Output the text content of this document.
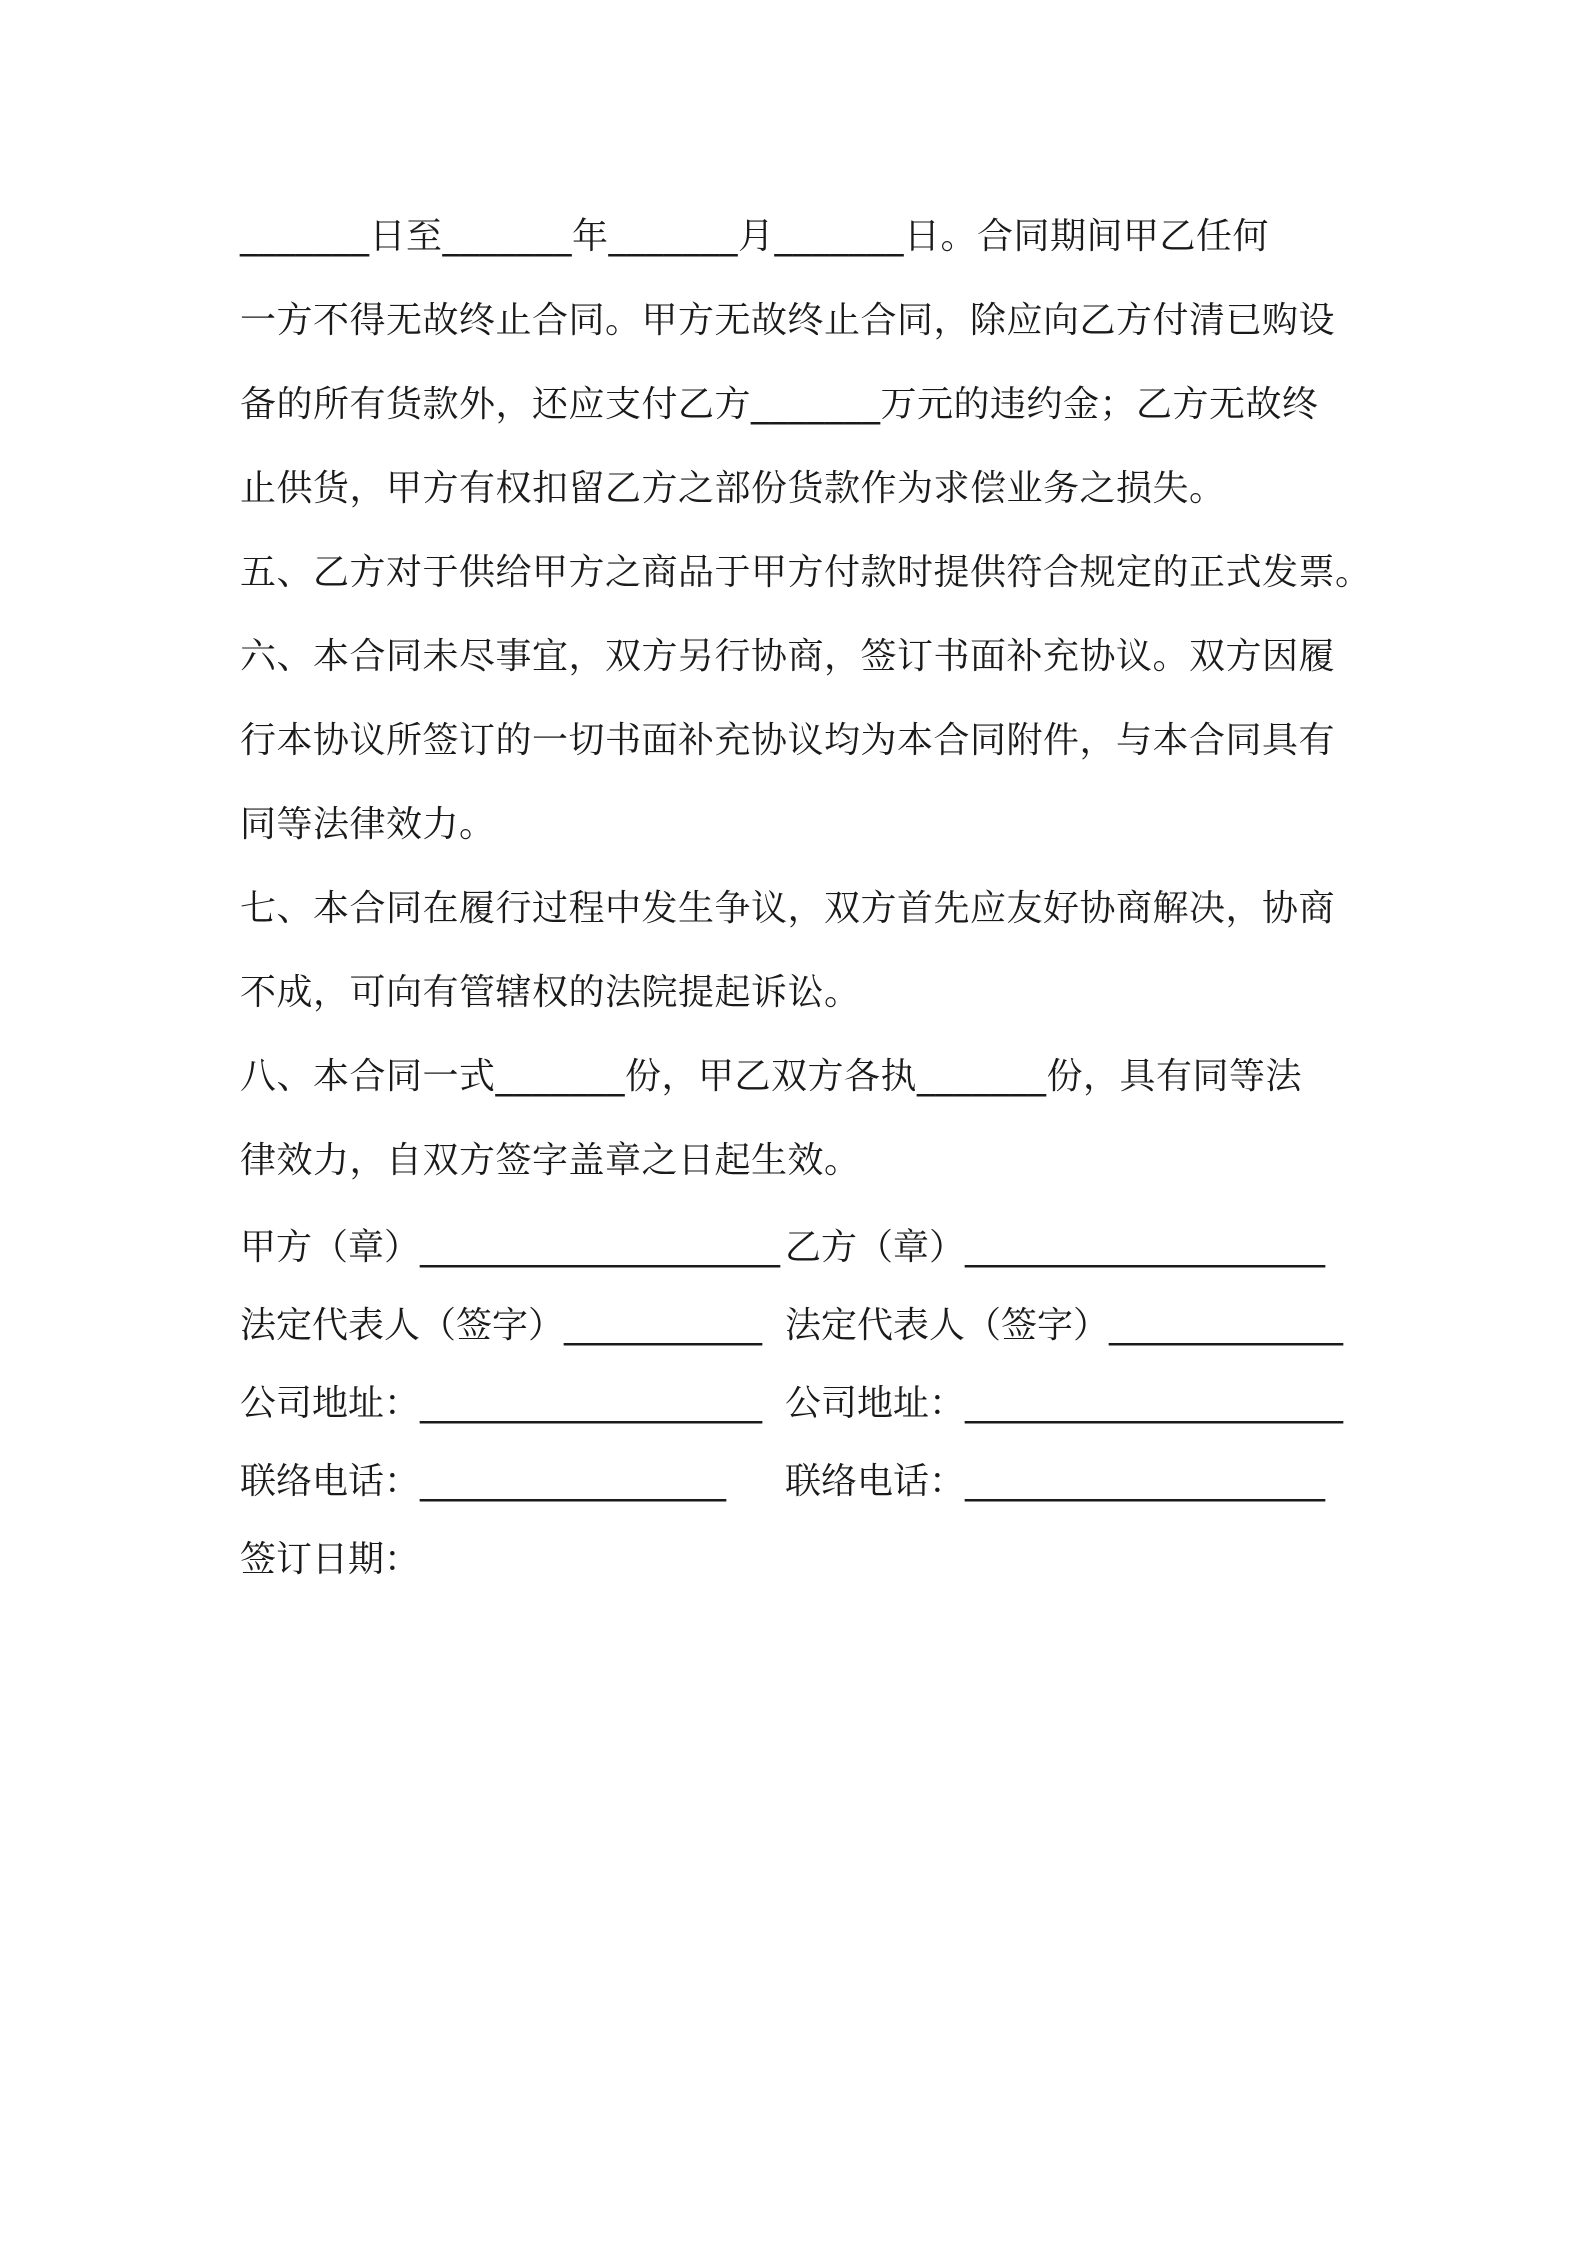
_______日至_______年_______月_______日。合同期间甲乙任何
一方不得无故终止合同。甲方无故终止合同，除应向乙方付清已购设
备的所有货款外，还应支付乙方_______万元的违约金；乙方无故终
止供货，甲方有权扣留乙方之部份货款作为求偿业务之损失。
五、乙方对于供给甲方之商品于甲方付款时提供符合规定的正式发票。
六、本合同未尽事宜，双方另行协商，签订书面补充协议。双方因履
行本协议所签订的一切书面补充协议均为本合同附件，与本合同具有
同等法律效力。
七、本合同在履行过程中发生争议，双方首先应友好协商解决，协商
不成，可向有管辖权的法院提起诉讼。
八、本合同一式_______份，甲乙双方各执_______份，具有同等法
律效力，自双方签字盖章之日起生效。
甲方（章）____________________ 乙方（章）____________________
法定代表人（签字）___________ 法定代表人（签字）_____________
公司地址：___________________ 公司地址：_____________________
联络电话：_________________ 联络电话：____________________
签订日期：
